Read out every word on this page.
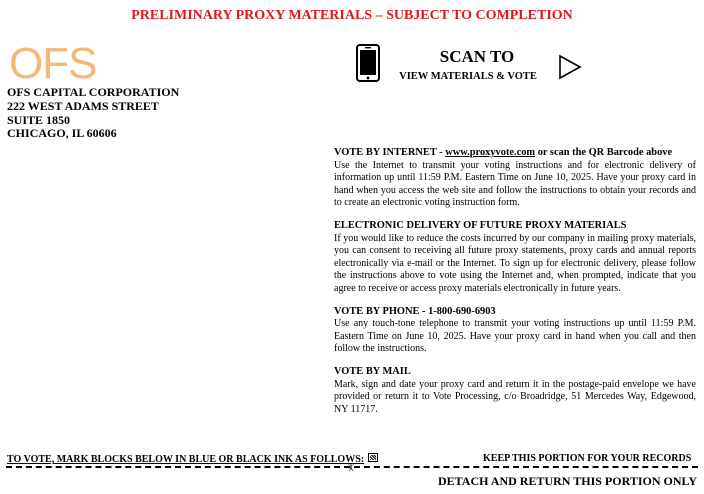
PRELIMINARY PROXY MATERIALS – SUBJECT TO COMPLETION
OFS
OFS CAPITAL CORPORATION
222 WEST ADAMS STREET
SUITE 1850
CHICAGO, IL 60606
SCAN TO
VIEW MATERIALS & VOTE
VOTE BY INTERNET - www.proxyvote.com or scan the QR Barcode above
Use the Internet to transmit your voting instructions and for electronic delivery of information up until 11:59 P.M. Eastern Time on June 10, 2025. Have your proxy card in hand when you access the web site and follow the instructions to obtain your records and to create an electronic voting instruction form.
ELECTRONIC DELIVERY OF FUTURE PROXY MATERIALS
If you would like to reduce the costs incurred by our company in mailing proxy materials, you can consent to receiving all future proxy statements, proxy cards and annual reports electronically via e-mail or the Internet. To sign up for electronic delivery, please follow the instructions above to vote using the Internet and, when prompted, indicate that you agree to receive or access proxy materials electronically in future years.
VOTE BY PHONE - 1-800-690-6903
Use any touch-tone telephone to transmit your voting instructions up until 11:59 P.M. Eastern Time on June 10, 2025. Have your proxy card in hand when you call and then follow the instructions.
VOTE BY MAIL
Mark, sign and date your proxy card and return it in the postage-paid envelope we have provided or return it to Vote Processing, c/o Broadridge, 51 Mercedes Way, Edgewood, NY 11717.
TO VOTE, MARK BLOCKS BELOW IN BLUE OR BLACK INK AS FOLLOWS:	KEEP THIS PORTION FOR YOUR RECORDS
✂
DETACH AND RETURN THIS PORTION ONLY
